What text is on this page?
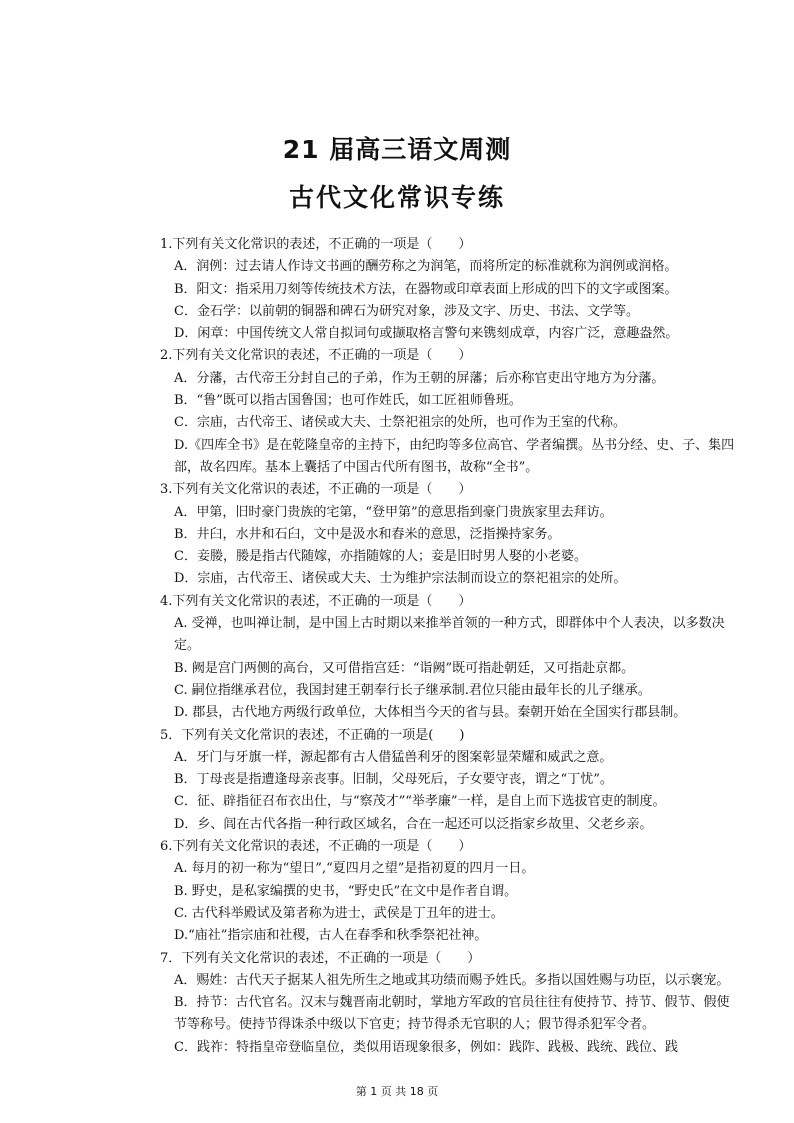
21 届高三语文周测
古代文化常识专练

1.下列有关文化常识的表述，不正确的一项是（　　）

A．润例：过去请人作诗文书画的酬劳称之为润笔，而将所定的标准就称为润例或润格。

B．阳文：指采用刀刻等传统技术方法，在器物或印章表面上形成的凹下的文字或图案。

C．金石学：以前朝的铜器和碑石为研究对象，涉及文字、历史、书法、文学等。

D．闲章：中国传统文人常自拟词句或撷取格言警句来镌刻成章，内容广泛，意趣盎然。

2.下列有关文化常识的表述，不正确的一项是（　　）

A．分藩，古代帝王分封自己的子弟，作为王朝的屏藩；后亦称官吏出守地方为分藩。

B．“鲁”既可以指古国鲁国；也可作姓氏，如工匠祖师鲁班。

C．宗庙，古代帝王、诸侯或大夫、士祭祀祖宗的处所，也可作为王室的代称。

D.《四库全书》是在乾隆皇帝的主持下，由纪昀等多位高官、学者编撰。丛书分经、史、子、集四部，故名四库。基本上囊括了中国古代所有图书，故称“全书”。

3.下列有关文化常识的表述，不正确的一项是（　　）

A．甲第，旧时豪门贵族的宅第，“登甲第”的意思指到豪门贵族家里去拜访。

B．井臼，水井和石臼，文中是汲水和舂米的意思，泛指操持家务。

C．妾媵，媵是指古代随嫁，亦指随嫁的人；妾是旧时男人娶的小老婆。

D．宗庙，古代帝王、诸侯或大夫、士为维护宗法制而设立的祭祀祖宗的处所。

4.下列有关文化常识的表述，不正确的一项是（　　）

A. 受禅，也叫禅让制，是中国上古时期以来推举首领的一种方式，即群体中个人表决，以多数决定。

B. 阙是宫门两侧的高台，又可借指宫廷：“诣阙”既可指赴朝廷，又可指赴京都。

C. 嗣位指继承君位，我国封建王朝奉行长子继承制.君位只能由最年长的儿子继承。

D. 郡县，古代地方两级行政单位，大体相当今天的省与县。秦朝开始在全国实行郡县制。

5．下列有关文化常识的表述，不正确的一项是(　　)

A．牙门与牙旗一样，源起都有古人借猛兽利牙的图案彰显荣耀和威武之意。

B．丁母丧是指遭逢母亲丧事。旧制，父母死后，子女要守丧，谓之“丁忧”。

C．征、辟指征召布衣出仕，与“察茂才”“举孝廉”一样，是自上而下选拔官吏的制度。

D．乡、闾在古代各指一种行政区域名，合在一起还可以泛指家乡故里、父老乡亲。

6.下列有关文化常识的表述，不正确的一项是（　　）

A. 每月的初一称为“望日”,“夏四月之望”是指初夏的四月一日。

B. 野史，是私家编撰的史书，“野史氏”在文中是作者自谓。

C. 古代科举殿试及第者称为进士，武侯是丁丑年的进士。

D.“庙社”指宗庙和社稷，古人在春季和秋季祭祀社神。

7．下列有关文化常识的表述，不正确的一项是（　　）

A．赐姓：古代天子据某人祖先所生之地或其功绩而赐予姓氏。多指以国姓赐与功臣，以示褒宠。

B．持节：古代官名。汉末与魏晋南北朝时，掌地方军政的官员往往有使持节、持节、假节、假使节等称号。使持节得诛杀中级以下官吏；持节得杀无官职的人；假节得杀犯军令者。

C．践祚：特指皇帝登临皇位，类似用语现象很多，例如：践阼、践极、践统、践位、践

第 1 页 共 18 页
